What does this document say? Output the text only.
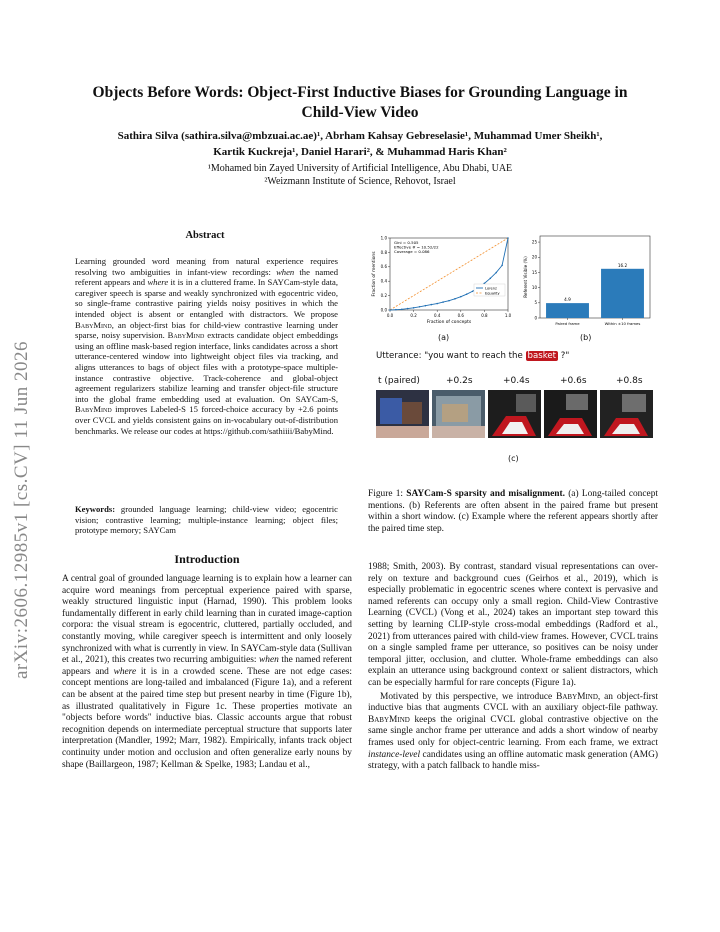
arXiv:2606.12985v1 [cs.CV] 11 Jun 2026
Objects Before Words: Object-First Inductive Biases for Grounding Language in
Child-View Video
Sathira Silva (sathira.silva@mbzuai.ac.ae)¹, Abrham Kahsay Gebreselasie¹, Muhammad Umer Sheikh¹,
Kartik Kuckreja¹, Daniel Harari², & Muhammad Haris Khan²
¹Mohamed bin Zayed University of Artificial Intelligence, Abu Dhabi, UAE
²Weizmann Institute of Science, Rehovot, Israel
Abstract
Learning grounded word meaning from natural experience requires resolving two ambiguities in infant-view recordings: when the named referent appears and where it is in a cluttered frame. In SAYCam-style data, caregiver speech is sparse and weakly synchronized with egocentric video, so single-frame contrastive pairing yields noisy positives in which the intended object is absent or entangled with distractors. We propose BabyMind, an object-first bias for child-view contrastive learning under sparse, noisy supervision. BabyMind extracts candidate object embeddings using an offline mask-based region interface, links candidates across a short utterance-centered window into lightweight object files via tracking, and aligns utterances to bags of object files with a prototype-space multiple-instance contrastive objective. Track-coherence and global-object agreement regularizers stabilize learning and transfer object-file structure into the global frame embedding used at evaluation. On SAYCam-S, BabyMind improves Labeled-S 15 forced-choice accuracy by +2.6 points over CVCL and yields consistent gains on in-vocabulary out-of-distribution benchmarks. We release our codes at https://github.com/sathiiii/BabyMind.
Keywords: grounded language learning; child-view video; egocentric vision; contrastive learning; multiple-instance learning; object files; prototype memory; SAYCam
Introduction

A central goal of grounded language learning is to explain how a learner can acquire word meanings from perceptual experience paired with sparse, weakly structured linguistic input (Harnad, 1990). This problem looks fundamentally different in early child learning than in curated image-caption corpora: the visual stream is egocentric, cluttered, partially occluded, and constantly moving, while caregiver speech is intermittent and only loosely synchronized with what is currently in view. In SAYCam-style data (Sullivan et al., 2021), this creates two recurring ambiguities: when the named referent appears and where it is in a crowded scene. These are not edge cases: concept mentions are long-tailed and imbalanced (Figure 1a), and a referent can be absent at the paired time step but present nearby in time (Figure 1b), as illustrated qualitatively in Figure 1c. These properties motivate an "objects before words" inductive bias. Classic accounts argue that robust recognition depends on intermediate perceptual structure that supports later interpretation (Mandler, 1992; Marr, 1982). Empirically, infants track object continuity under motion and occlusion and often generalize early nouns by shape (Baillargeon, 1987; Kellman & Spelke, 1983; Landau et al.,

1988; Smith, 2003). By contrast, standard visual representations can over-rely on texture and background cues (Geirhos et al., 2019), which is especially problematic in egocentric scenes where context is pervasive and named referents can occupy only a small region. Child-View Contrastive Learning (CVCL) (Vong et al., 2024) takes an important step toward this setting by learning CLIP-style cross-modal embeddings (Radford et al., 2021) from utterances paired with child-view frames. However, CVCL trains on a single sampled frame per utterance, so positives can be noisy under temporal jitter, occlusion, and clutter. Whole-frame embeddings can also explain an utterance using background context or salient distractors, which can be especially harmful for rare concepts (Figure 1a).

Motivated by this perspective, we introduce BabyMind, an object-first inductive bias that augments CVCL with an auxiliary object-file pathway. BabyMind keeps the original CVCL global contrastive objective on the same single anchor frame per utterance and adds a short window of nearby frames used only for object-centric learning. From each frame, we extract instance-level candidates using an offline automatic mask generation (AMG) strategy, with a patch fallback to handle miss-

0.0	0.2	0.4	0.6	0.8	1.0
0.0
0.2
0.4
0.6
0.8
1.0
Fraction of concepts
Fraction of mentions
Gini = 0.505
Effective # = 10.52/22
Coverage = 0.086
Lorenz
Equality
(a)
0
5
10
15
20
25
Referent Visible (%)
4.9
Paired frame
16.2
Within ±10 frames
(b)
Utterance: "you want to reach the basket ?"
t (paired)	+0.2s	+0.4s	+0.6s	+0.8s
(c)
Figure 1: SAYCam-S sparsity and misalignment. (a) Long-tailed concept mentions. (b) Referents are often absent in the paired frame but present within a short window. (c) Example where the referent appears shortly after the paired time step.
